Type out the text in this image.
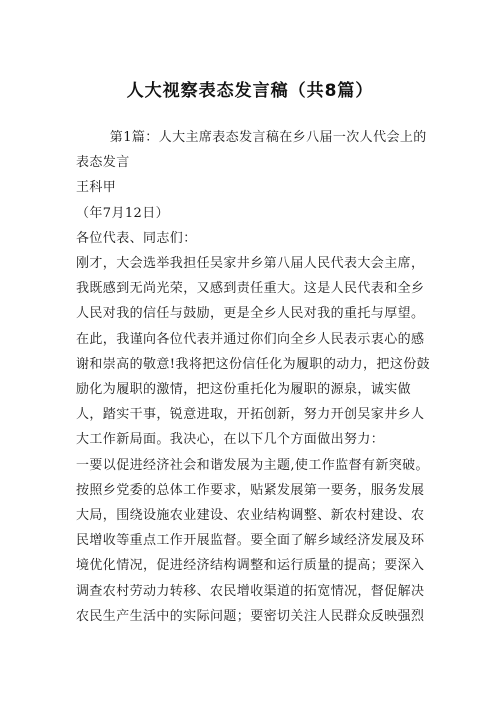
人大视察表态发言稿（共8篇）

第1篇：人大主席表态发言稿在乡八届一次人代会上的表态发言

王科甲

（年7月12日）

各位代表、同志们：

刚才，大会选举我担任吴家井乡第八届人民代表大会主席，我既感到无尚光荣，又感到责任重大。这是人民代表和全乡人民对我的信任与鼓励，更是全乡人民对我的重托与厚望。在此，我谨向各位代表并通过你们向全乡人民表示衷心的感谢和崇高的敬意!我将把这份信任化为履职的动力，把这份鼓励化为履职的激情，把这份重托化为履职的源泉，诚实做人，踏实干事，锐意进取，开拓创新，努力开创吴家井乡人大工作新局面。我决心，在以下几个方面做出努力：

一要以促进经济社会和谐发展为主题,使工作监督有新突破。按照乡党委的总体工作要求，贴紧发展第一要务，服务发展大局，围绕设施农业建设、农业结构调整、新农村建设、农民增收等重点工作开展监督。要全面了解乡域经济发展及环境优化情况，促进经济结构调整和运行质量的提高；要深入调查农村劳动力转移、农民增收渠道的拓宽情况，督促解决农民生产生活中的实际问题；要密切关注人民群众反映强烈
